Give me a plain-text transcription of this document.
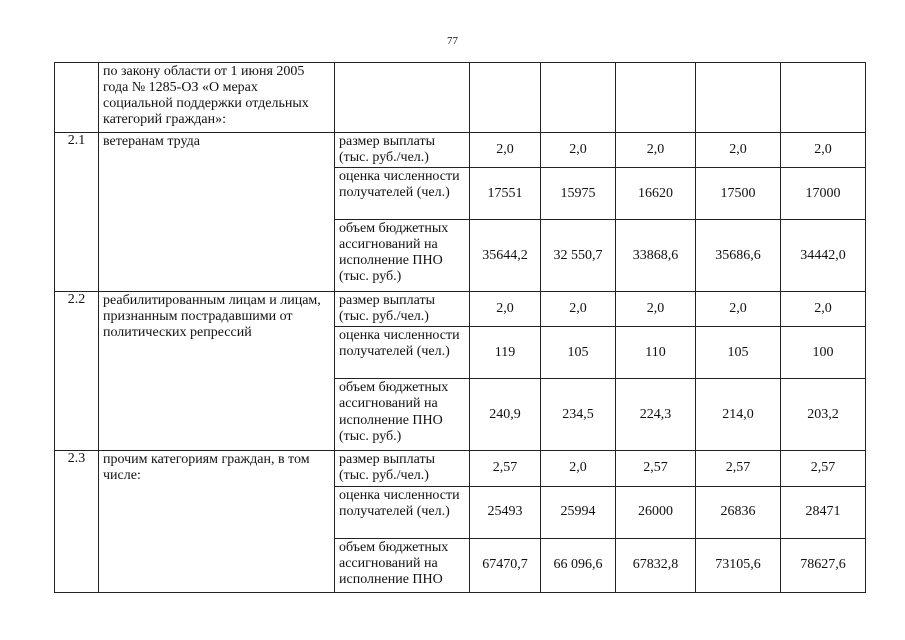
77
	по закону области от 1 июня 2005 года № 1285-ОЗ «О мерах социальной поддержки отдельных категорий граждан»:						
2.1	ветеранам труда	размер выплаты (тыс. руб./чел.)	2,0	2,0	2,0	2,0	2,0
		оценка численности получателей (чел.)	17551	15975	16620	17500	17000
		объем бюджетных ассигнований на исполнение ПНО (тыс. руб.)	35644,2	32 550,7	33868,6	35686,6	34442,0
2.2	реабилитированным лицам и лицам, признанным пострадавшими от политических репрессий	размер выплаты (тыс. руб./чел.)	2,0	2,0	2,0	2,0	2,0
		оценка численности получателей (чел.)	119	105	110	105	100
		объем бюджетных ассигнований на исполнение ПНО (тыс. руб.)	240,9	234,5	224,3	214,0	203,2
2.3	прочим категориям граждан, в том числе:	размер выплаты (тыс. руб./чел.)	2,57	2,0	2,57	2,57	2,57
		оценка численности получателей (чел.)	25493	25994	26000	26836	28471
		объем бюджетных ассигнований на исполнение ПНО	67470,7	66 096,6	67832,8	73105,6	78627,6
